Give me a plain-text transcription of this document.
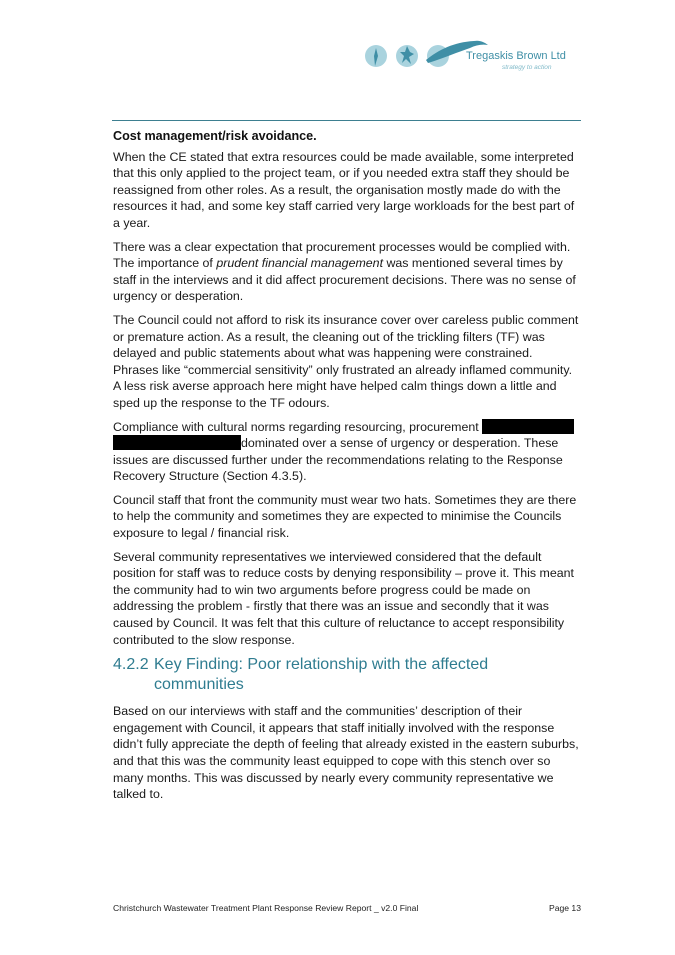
Tregaskis Brown Ltd
strategy to action
Cost management/risk avoidance.

When the CE stated that extra resources could be made available, some interpreted that this only applied to the project team, or if you needed extra staff they should be reassigned from other roles. As a result, the organisation mostly made do with the resources it had, and some key staff carried very large workloads for the best part of a year.

There was a clear expectation that procurement processes would be complied with. The importance of prudent financial management was mentioned several times by staff in the interviews and it did affect procurement decisions. There was no sense of urgency or desperation.

The Council could not afford to risk its insurance cover over careless public comment or premature action. As a result, the cleaning out of the trickling filters (TF) was delayed and public statements about what was happening were constrained. Phrases like “commercial sensitivity” only frustrated an already inflamed community. A less risk averse approach here might have helped calm things down a little and sped up the response to the TF odours.

Compliance with cultural norms regarding resourcing, procurement  dominated over a sense of urgency or desperation. These issues are discussed further under the recommendations relating to the Response Recovery Structure (Section 4.3.5).

Council staff that front the community must wear two hats. Sometimes they are there to help the community and sometimes they are expected to minimise the Councils exposure to legal / financial risk.

Several community representatives we interviewed considered that the default position for staff was to reduce costs by denying responsibility – prove it. This meant the community had to win two arguments before progress could be made on addressing the problem - firstly that there was an issue and secondly that it was caused by Council. It was felt that this culture of reluctance to accept responsibility contributed to the slow response.

4.2.2 Key Finding: Poor relationship with the affected
communities

Based on our interviews with staff and the communities’ description of their engagement with Council, it appears that staff initially involved with the response didn’t fully appreciate the depth of feeling that already existed in the eastern suburbs, and that this was the community least equipped to cope with this stench over so many months. This was discussed by nearly every community representative we talked to.

Christchurch Wastewater Treatment Plant Response Review Report _ v2.0 Final	Page 13
